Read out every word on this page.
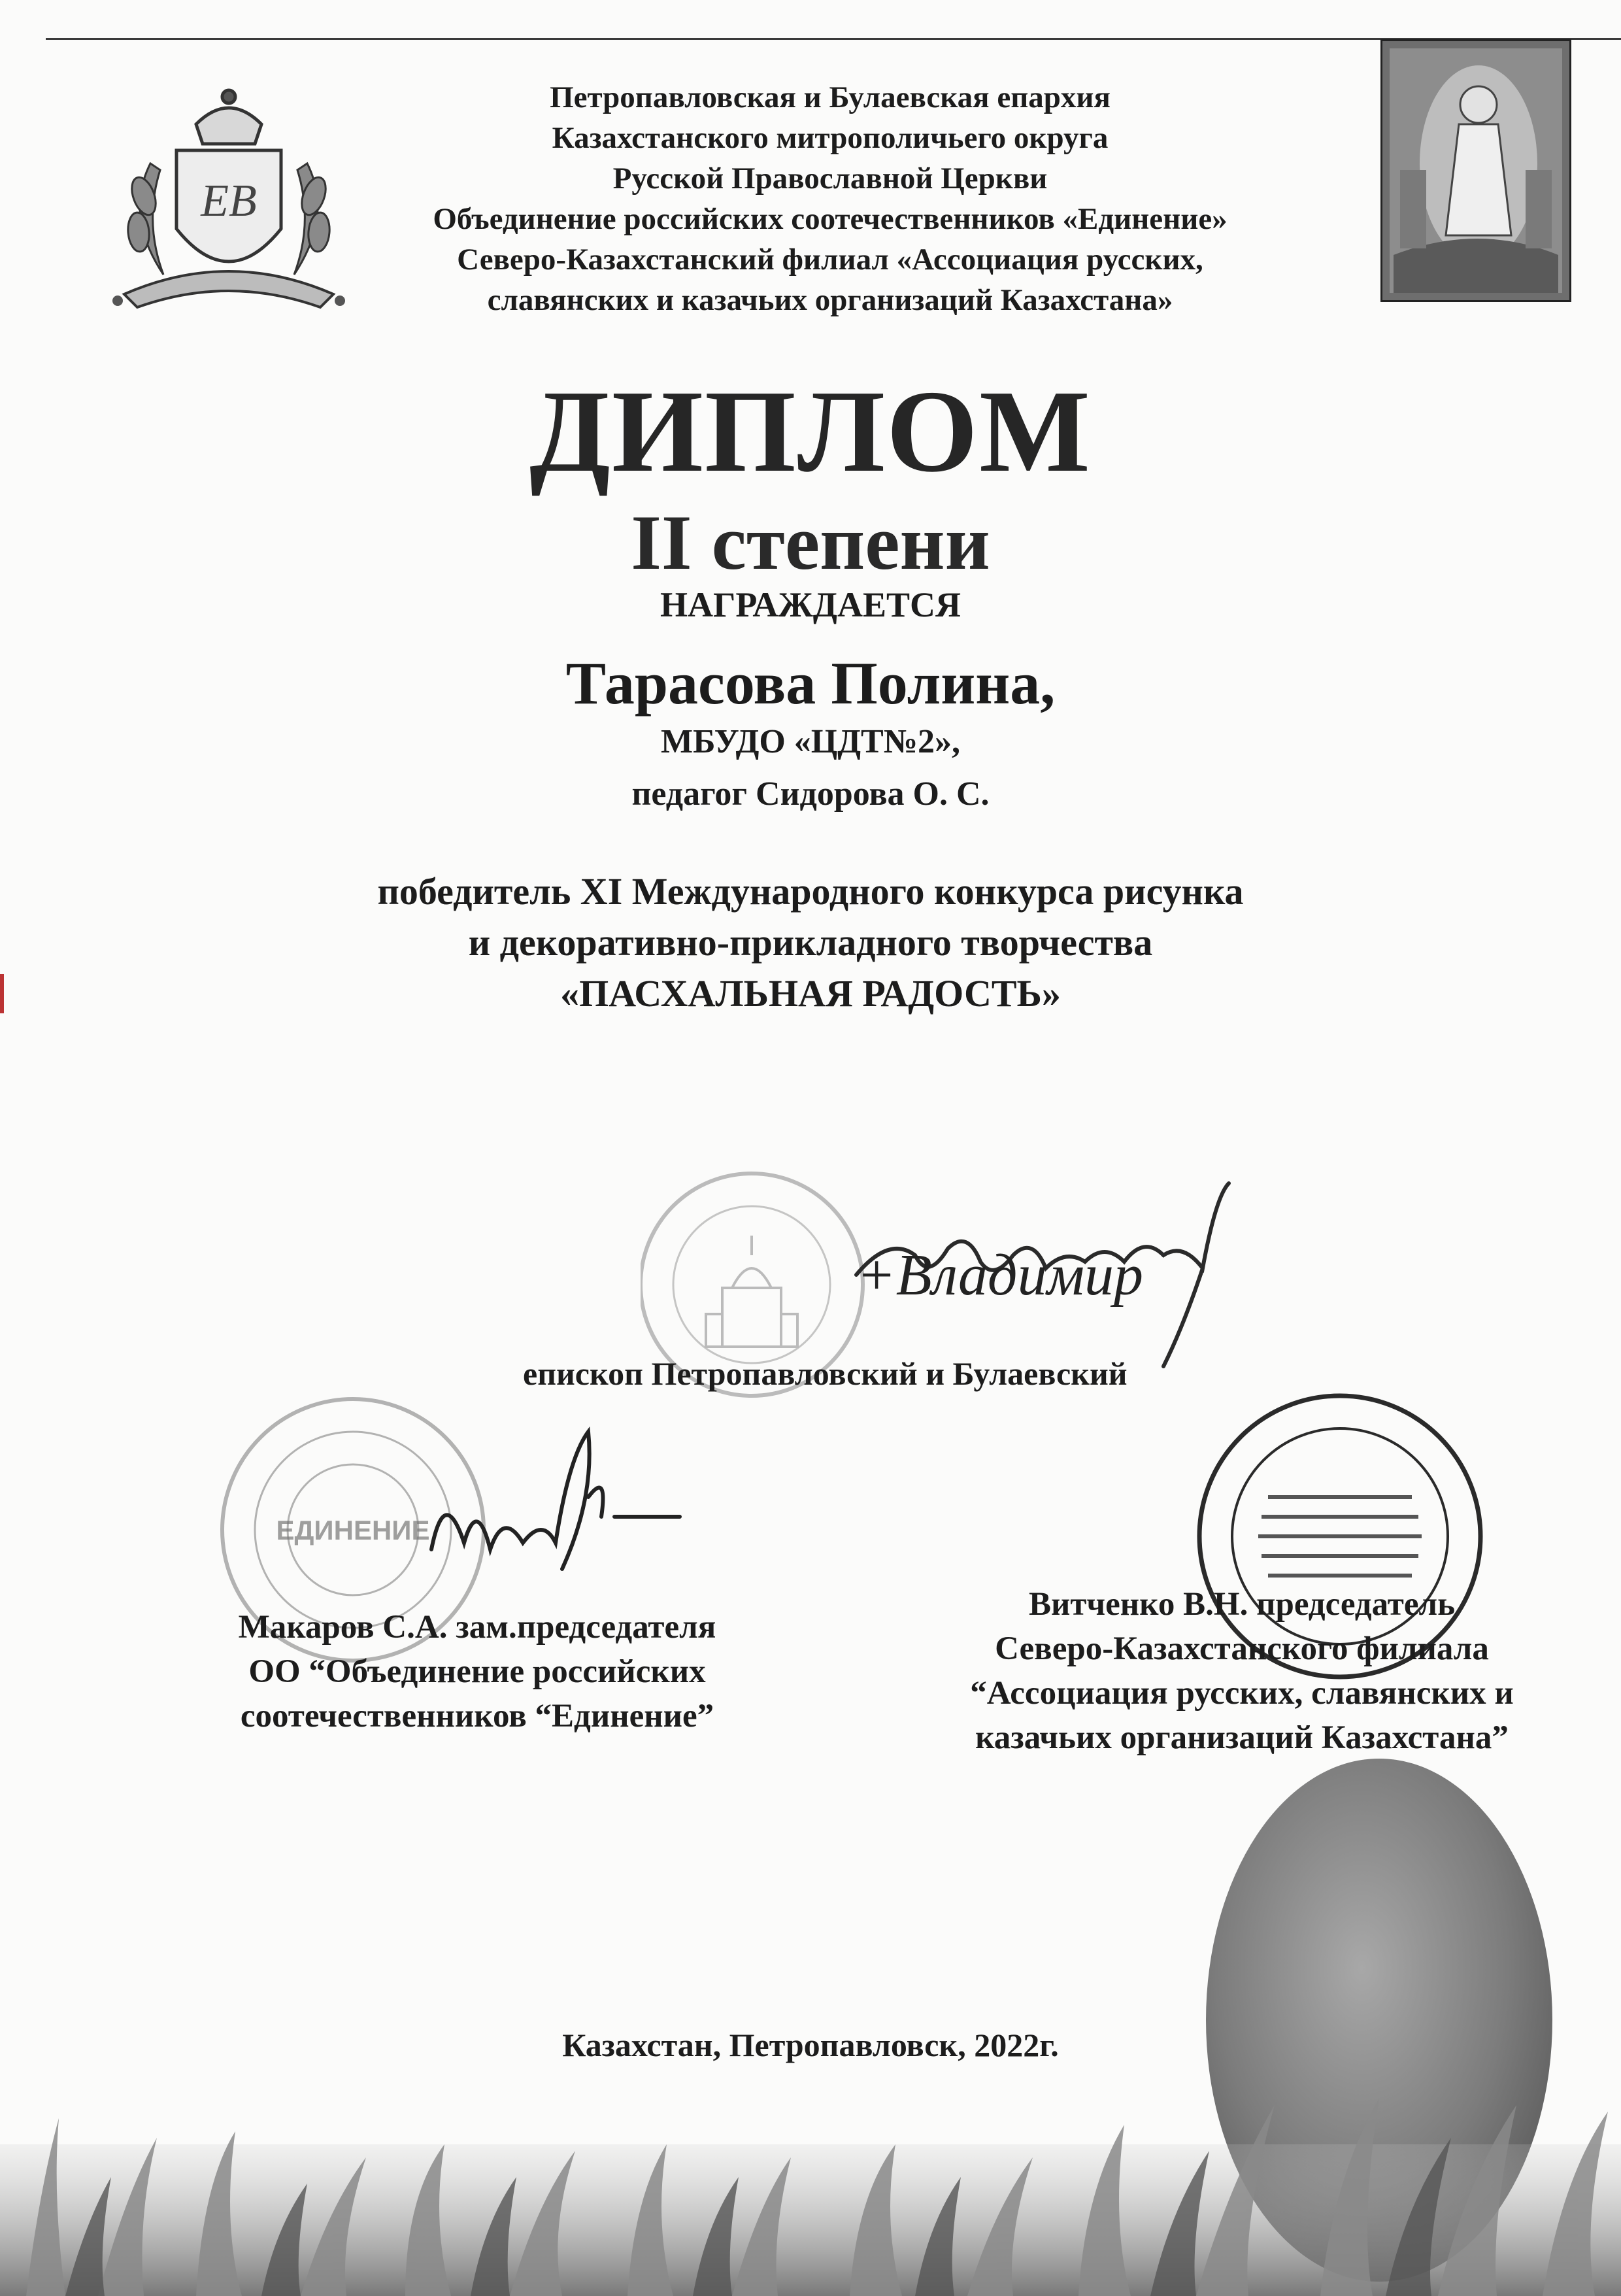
ЕВ
Петропавловская и Булаевская епархия
Казахстанского митрополичьего округа
Русской Православной Церкви
Объединение российских соотечественников «Единение»
Северо-Казахстанский филиал «Ассоциация русских,
славянских и казачьих организаций Казахстана»
ДИПЛОМ
II степени
НАГРАЖДАЕТСЯ
Тарасова Полина,
МБУДО «ЦДТ№2»,
педагог Сидорова О. С.
победитель XI Международного конкурса рисунка
и декоративно-прикладного творчества
«ПАСХАЛЬНАЯ РАДОСТЬ»
+Владимир
епископ Петропавловский и Булаевский
ЕДИНЕНИЕ
Макаров С.А. зам.председателя
ОО “Объединение российских
соотечественников “Единение”
Витченко В.Н. председатель
Северо-Казахстанского филиала
“Ассоциация русских, славянских и
казачьих организаций Казахстана”
Казахстан, Петропавловск, 2022г.
